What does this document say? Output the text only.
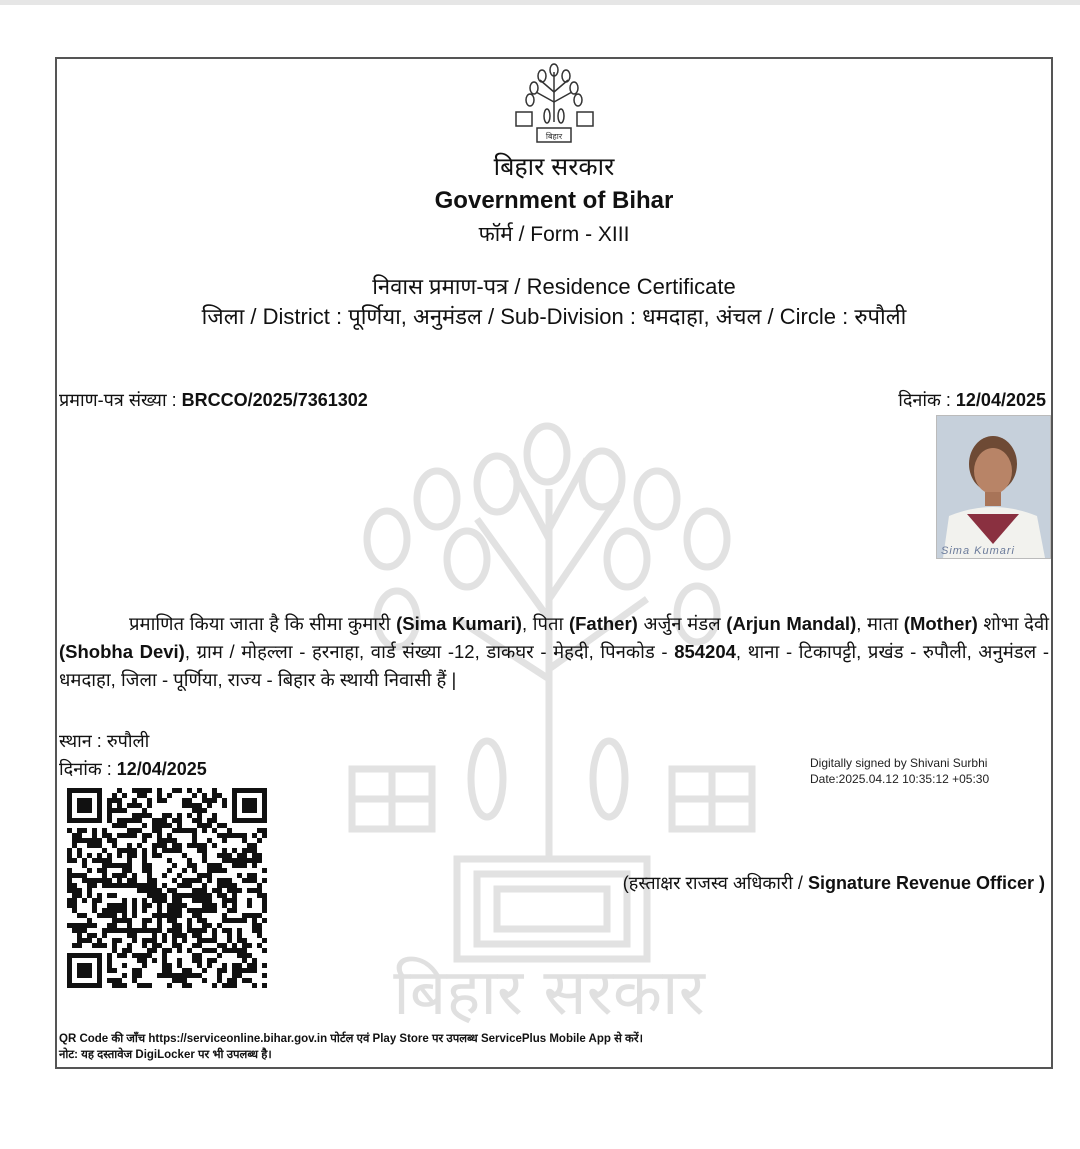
बिहार सरकार
बिहार
बिहार सरकार
Government of Bihar
फॉर्म / Form - XIII
निवास प्रमाण-पत्र / Residence Certificate
जिला / District : पूर्णिया, अनुमंडल / Sub-Division : धमदाहा, अंचल / Circle : रुपौली
प्रमाण-पत्र संख्या : BRCCO/2025/7361302	दिनांक : 12/04/2025
Sima Kumari
प्रमाणित किया जाता है कि सीमा कुमारी (Sima Kumari), पिता (Father) अर्जुन मंडल (Arjun Mandal), माता (Mother) शोभा देवी (Shobha Devi), ग्राम / मोहल्ला - हरनाहा, वार्ड संख्या -12, डाकघर - मेहदी, पिनकोड - 854204, थाना - टिकापट्टी, प्रखंड - रुपौली, अनुमंडल - धमदाहा, जिला - पूर्णिया, राज्य - बिहार के स्थायी निवासी हैं |
स्थान : रुपौली
दिनांक : 12/04/2025	Digitally signed by Shivani Surbhi
Date:2025.04.12 10:35:12 +05:30
(हस्ताक्षर राजस्व अधिकारी / Signature Revenue Officer )
QR Code की जाँच https://serviceonline.bihar.gov.in पोर्टल एवं Play Store पर उपलब्ध ServicePlus Mobile App से करें।
नोट: यह दस्तावेज DigiLocker पर भी उपलब्ध है।
